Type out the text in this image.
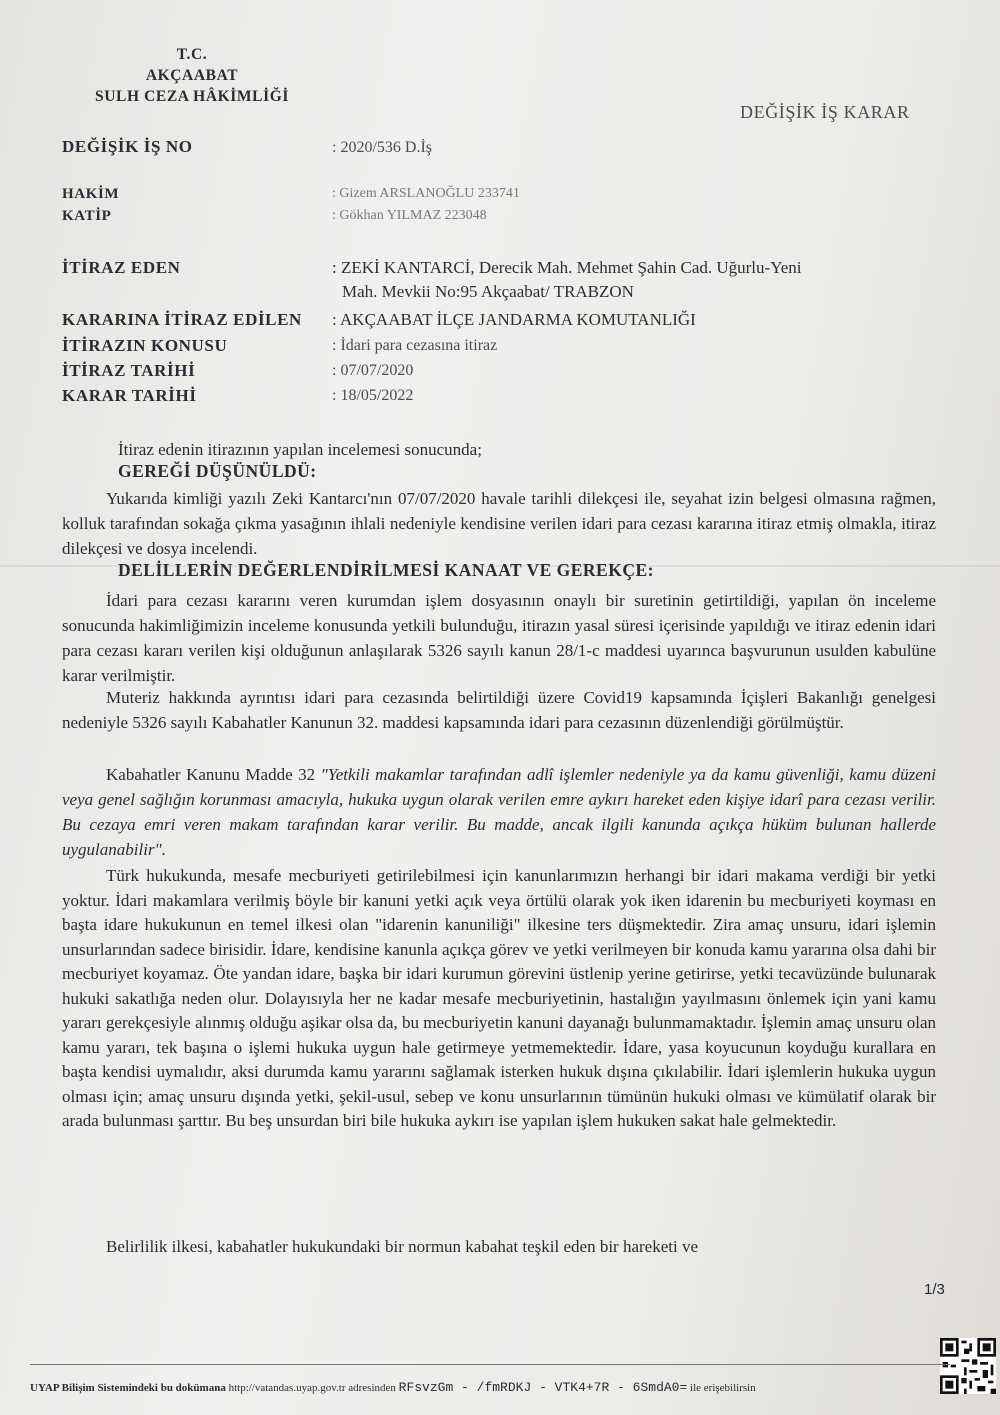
T.C.
AKÇAABAT
SULH CEZA HÂKİMLİĞİ
DEĞİŞİK İŞ KARAR
DEĞİŞİK İŞ NO	: 2020/536 D.İş
HAKİM	: Gizem ARSLANOĞLU 233741
KATİP	: Gökhan YILMAZ 223048
İTİRAZ EDEN	: ZEKİ KANTARCİ, Derecik Mah. Mehmet Şahin Cad. Uğurlu-Yeni
Mah. Mevkii No:95 Akçaabat/ TRABZON
KARARINA İTİRAZ EDİLEN : AKÇAABAT İLÇE JANDARMA KOMUTANLIĞI
İTİRAZIN KONUSU	: İdari para cezasına itiraz
İTİRAZ TARİHİ	: 07/07/2020
KARAR TARİHİ	: 18/05/2022
İtiraz edenin itirazının yapılan incelemesi sonucunda;
GEREĞİ DÜŞÜNÜLDÜ:
Yukarıda kimliği yazılı Zeki Kantarcı'nın 07/07/2020 havale tarihli dilekçesi ile, seyahat izin belgesi olmasına rağmen, kolluk tarafından sokağa çıkma yasağının ihlali nedeniyle kendisine verilen idari para cezası kararına itiraz etmiş olmakla, itiraz dilekçesi ve dosya incelendi.
DELİLLERİN DEĞERLENDİRİLMESİ KANAAT VE GEREKÇE:
İdari para cezası kararını veren kurumdan işlem dosyasının onaylı bir suretinin getirtildiği, yapılan ön inceleme sonucunda hakimliğimizin inceleme konusunda yetkili bulunduğu, itirazın yasal süresi içerisinde yapıldığı ve itiraz edenin idari para cezası kararı verilen kişi olduğunun anlaşılarak 5326 sayılı kanun 28/1-c maddesi uyarınca başvurunun usulden kabulüne karar verilmiştir.
Muteriz hakkında ayrıntısı idari para cezasında belirtildiği üzere Covid19 kapsamında İçişleri Bakanlığı genelgesi nedeniyle 5326 sayılı Kabahatler Kanunun 32. maddesi kapsamında idari para cezasının düzenlendiği görülmüştür.
Kabahatler Kanunu Madde 32 "Yetkili makamlar tarafından adlî işlemler nedeniyle ya da kamu güvenliği, kamu düzeni veya genel sağlığın korunması amacıyla, hukuka uygun olarak verilen emre aykırı hareket eden kişiye idarî para cezası verilir. Bu cezaya emri veren makam tarafından karar verilir. Bu madde, ancak ilgili kanunda açıkça hüküm bulunan hallerde uygulanabilir".
Türk hukukunda, mesafe mecburiyeti getirilebilmesi için kanunlarımızın herhangi bir idari makama verdiği bir yetki yoktur. İdari makamlara verilmiş böyle bir kanuni yetki açık veya örtülü olarak yok iken idarenin bu mecburiyeti koyması en başta idare hukukunun en temel ilkesi olan "idarenin kanuniliği" ilkesine ters düşmektedir. Zira amaç unsuru, idari işlemin unsurlarından sadece birisidir. İdare, kendisine kanunla açıkça görev ve yetki verilmeyen bir konuda kamu yararına olsa dahi bir mecburiyet koyamaz. Öte yandan idare, başka bir idari kurumun görevini üstlenip yerine getirirse, yetki tecavüzünde bulunarak hukuki sakatlığa neden olur. Dolayısıyla her ne kadar mesafe mecburiyetinin, hastalığın yayılmasını önlemek için yani kamu yararı gerekçesiyle alınmış olduğu aşikar olsa da, bu mecburiyetin kanuni dayanağı bulunmamaktadır. İşlemin amaç unsuru olan kamu yararı, tek başına o işlemi hukuka uygun hale getirmeye yetmemektedir. İdare, yasa koyucunun koyduğu kurallara en başta kendisi uymalıdır, aksi durumda kamu yararını sağlamak isterken hukuk dışına çıkılabilir. İdari işlemlerin hukuka uygun olması için; amaç unsuru dışında yetki, şekil-usul, sebep ve konu unsurlarının tümünün hukuki olması ve kümülatif olarak bir arada bulunması şarttır. Bu beş unsurdan biri bile hukuka aykırı ise yapılan işlem hukuken sakat hale gelmektedir.
Belirlilik ilkesi, kabahatler hukukundaki bir normun kabahat teşkil eden bir hareketi ve
1/3
UYAP Bilişim Sistemindeki bu dokümana http://vatandas.uyap.gov.tr adresinden RFsvzGm - /fmRDKJ - VTK4+7R - 6SmdA0= ile erişebilirsin
